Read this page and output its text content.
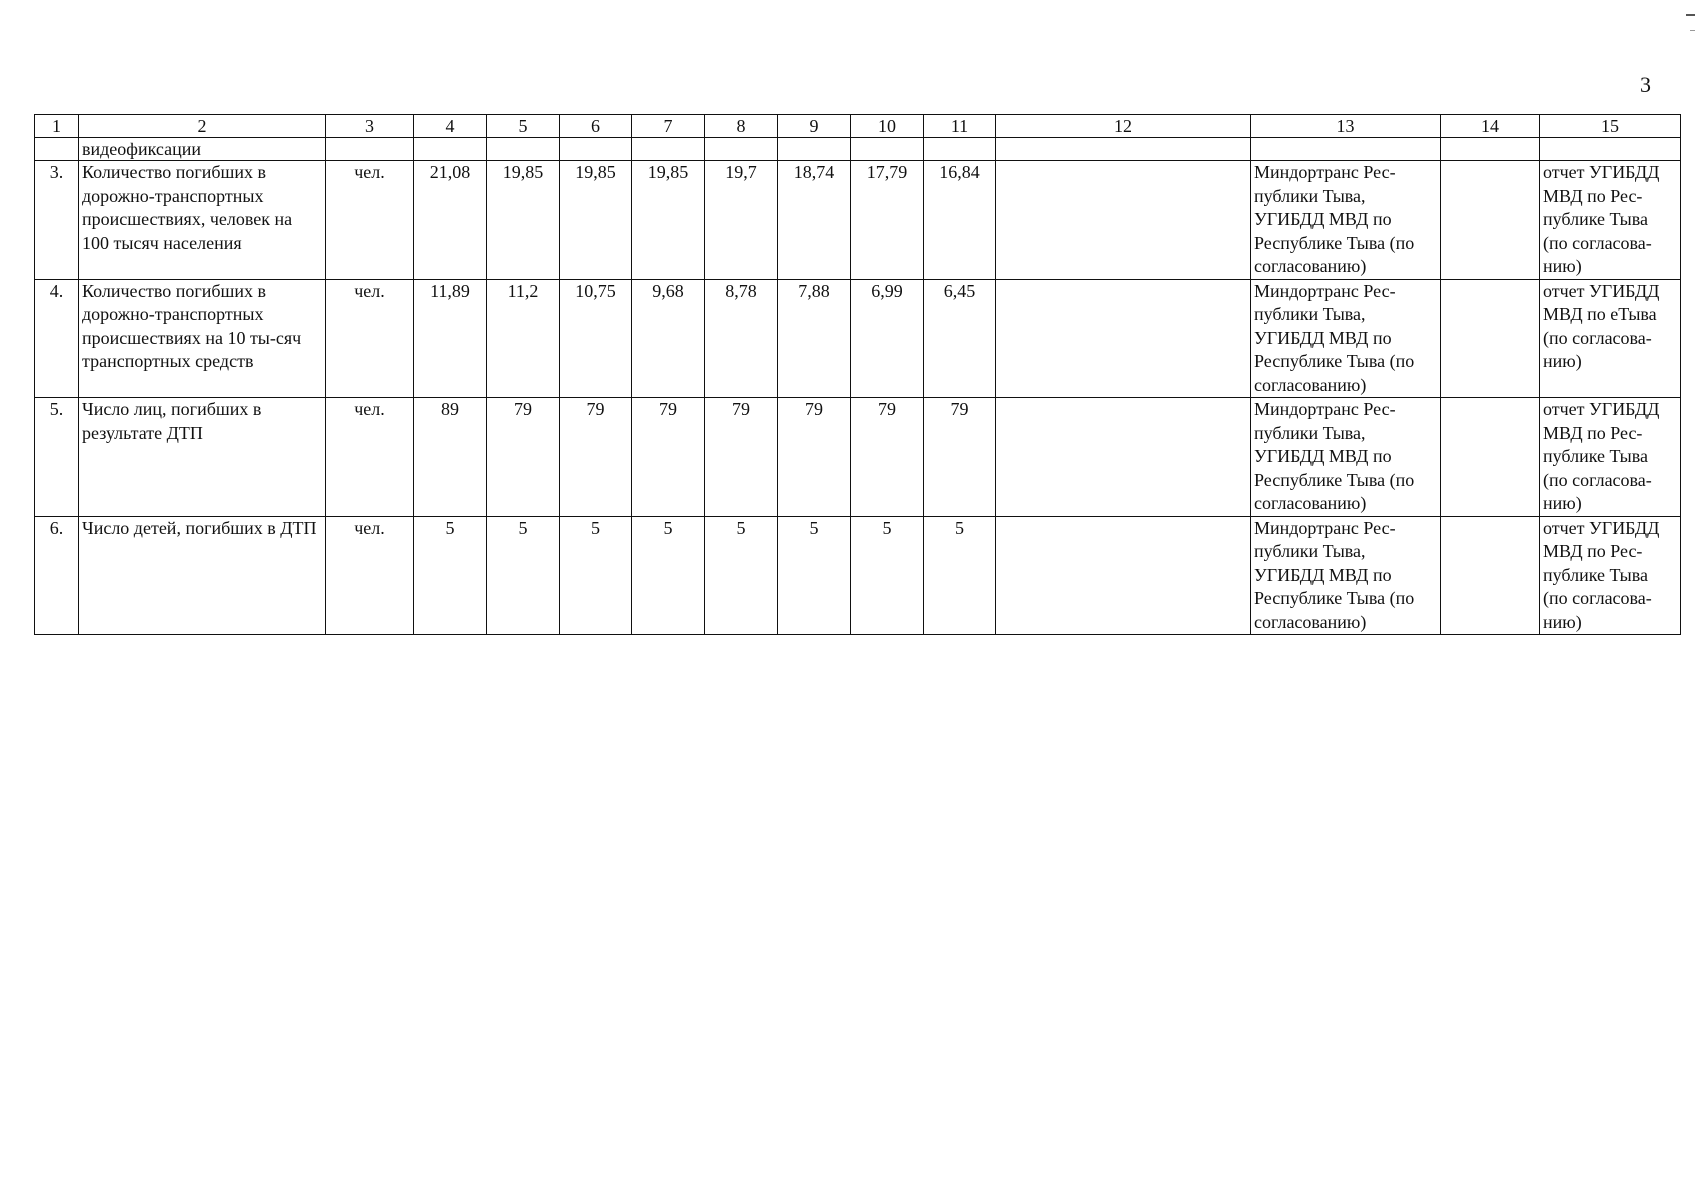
3
1	2	3	4	5	6	7	8	9	10	11	12	13	14	15
	видеофиксации													
3.	Количество погибших в дорожно-транспортных происшествиях, человек на 100 тысяч населения	чел.	21,08	19,85	19,85	19,85	19,7	18,74	17,79	16,84		Миндортранс Рес-публики Тыва, УГИБДД МВД по Республике Тыва (по согласованию)		отчет УГИБДД МВД по Рес-публике Тыва (по согласова-нию)
4.	Количество погибших в дорожно-транспортных происшествиях на 10 ты-сяч транспортных средств	чел.	11,89	11,2	10,75	9,68	8,78	7,88	6,99	6,45		Миндортранс Рес-публики Тыва, УГИБДД МВД по Республике Тыва (по согласованию)		отчет УГИБДД МВД по еТыва (по согласова-нию)
5.	Число лиц, погибших в результате ДТП	чел.	89	79	79	79	79	79	79	79		Миндортранс Рес-публики Тыва, УГИБДД МВД по Республике Тыва (по согласованию)		отчет УГИБДД МВД по Рес-публике Тыва (по согласова-нию)
6.	Число детей, погибших в ДТП	чел.	5	5	5	5	5	5	5	5		Миндортранс Рес-публики Тыва, УГИБДД МВД по Республике Тыва (по согласованию)		отчет УГИБДД МВД по Рес-публике Тыва (по согласова-нию)
